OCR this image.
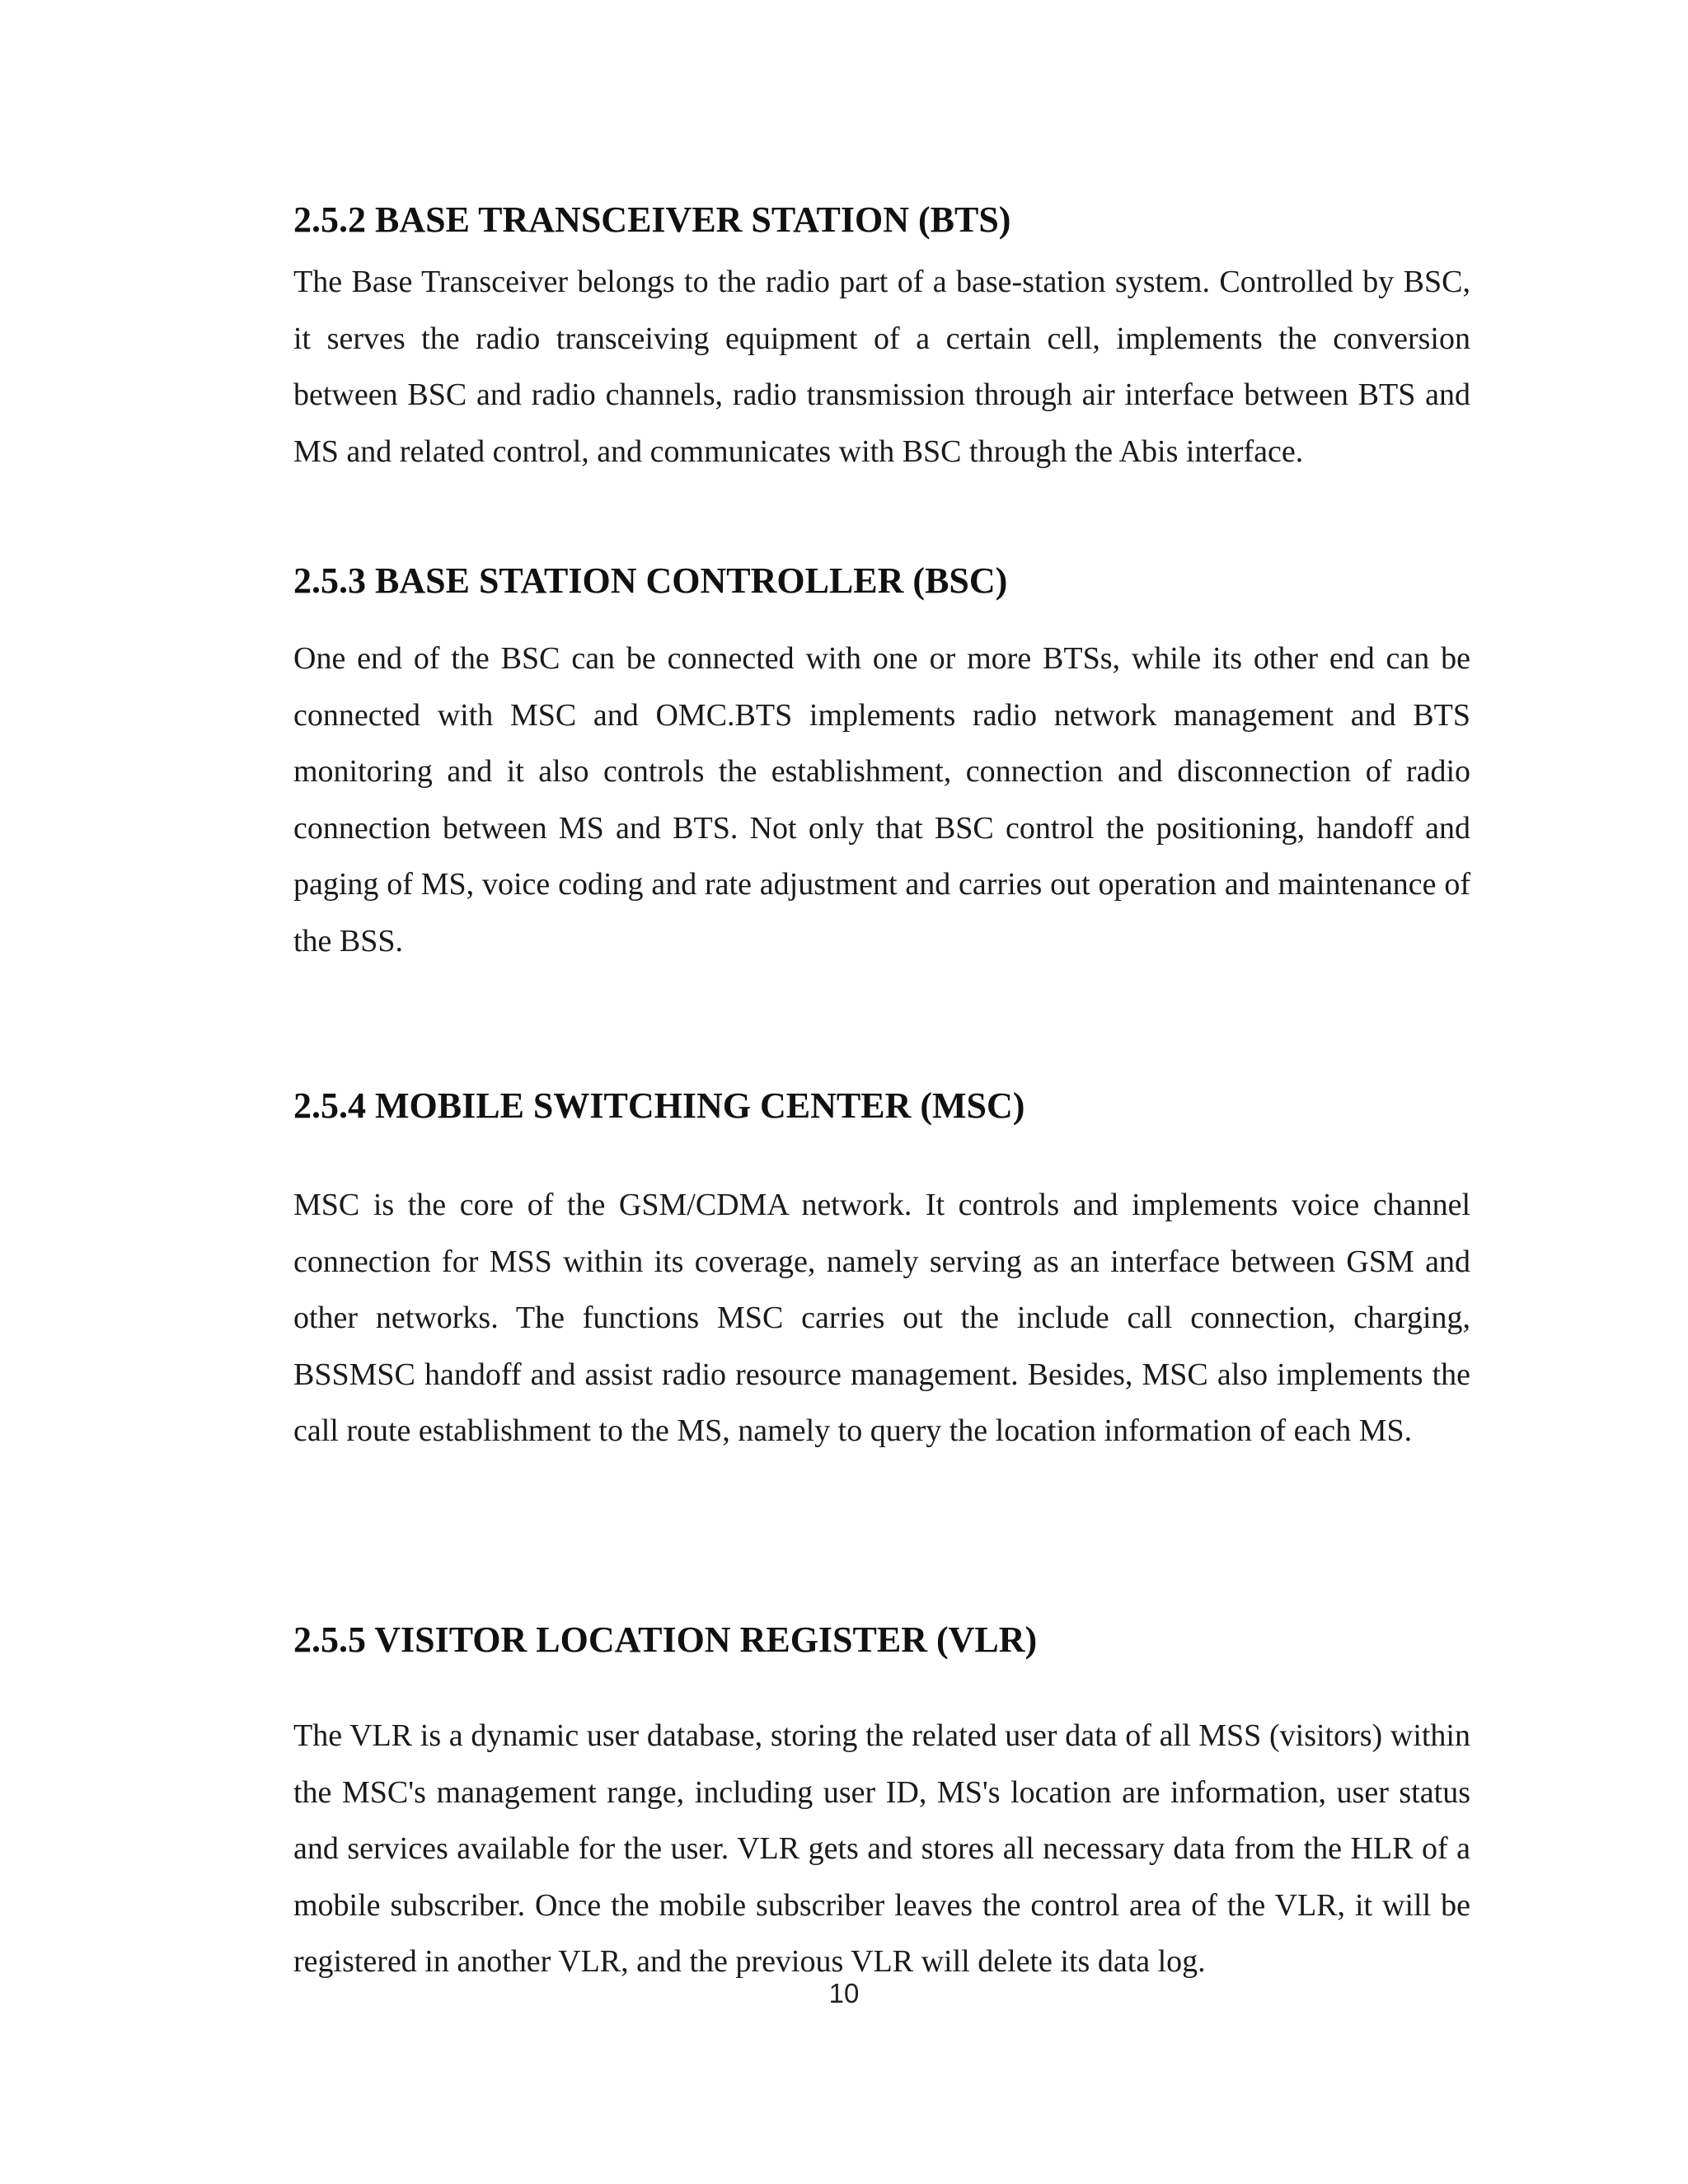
2.5.2 BASE TRANSCEIVER STATION (BTS)

The Base Transceiver belongs to the radio part of a base-station system. Controlled by BSC, it serves the radio transceiving equipment of a certain cell, implements the conversion between BSC and radio channels, radio transmission through air interface between BTS and MS and related control, and communicates with BSC through the Abis interface.

2.5.3 BASE STATION CONTROLLER (BSC)

One end of the BSC can be connected with one or more BTSs, while its other end can be connected with MSC and OMC.BTS implements radio network management and BTS monitoring and it also controls the establishment, connection and disconnection of radio connection between MS and BTS. Not only that BSC control the positioning, handoff and paging of MS, voice coding and rate adjustment and carries out operation and maintenance of the BSS.

2.5.4 MOBILE SWITCHING CENTER (MSC)

MSC is the core of the GSM/CDMA network. It controls and implements voice channel connection for MSS within its coverage, namely serving as an interface between GSM and other networks. The functions MSC carries out the include call connection, charging, BSSMSC handoff and assist radio resource management. Besides, MSC also implements the call route establishment to the MS, namely to query the location information of each MS.

2.5.5 VISITOR LOCATION REGISTER (VLR)

The VLR is a dynamic user database, storing the related user data of all MSS (visitors) within the MSC's management range, including user ID, MS's location are information, user status and services available for the user. VLR gets and stores all necessary data from the HLR of a mobile subscriber. Once the mobile subscriber leaves the control area of the VLR, it will be registered in another VLR, and the previous VLR will delete its data log.

10
